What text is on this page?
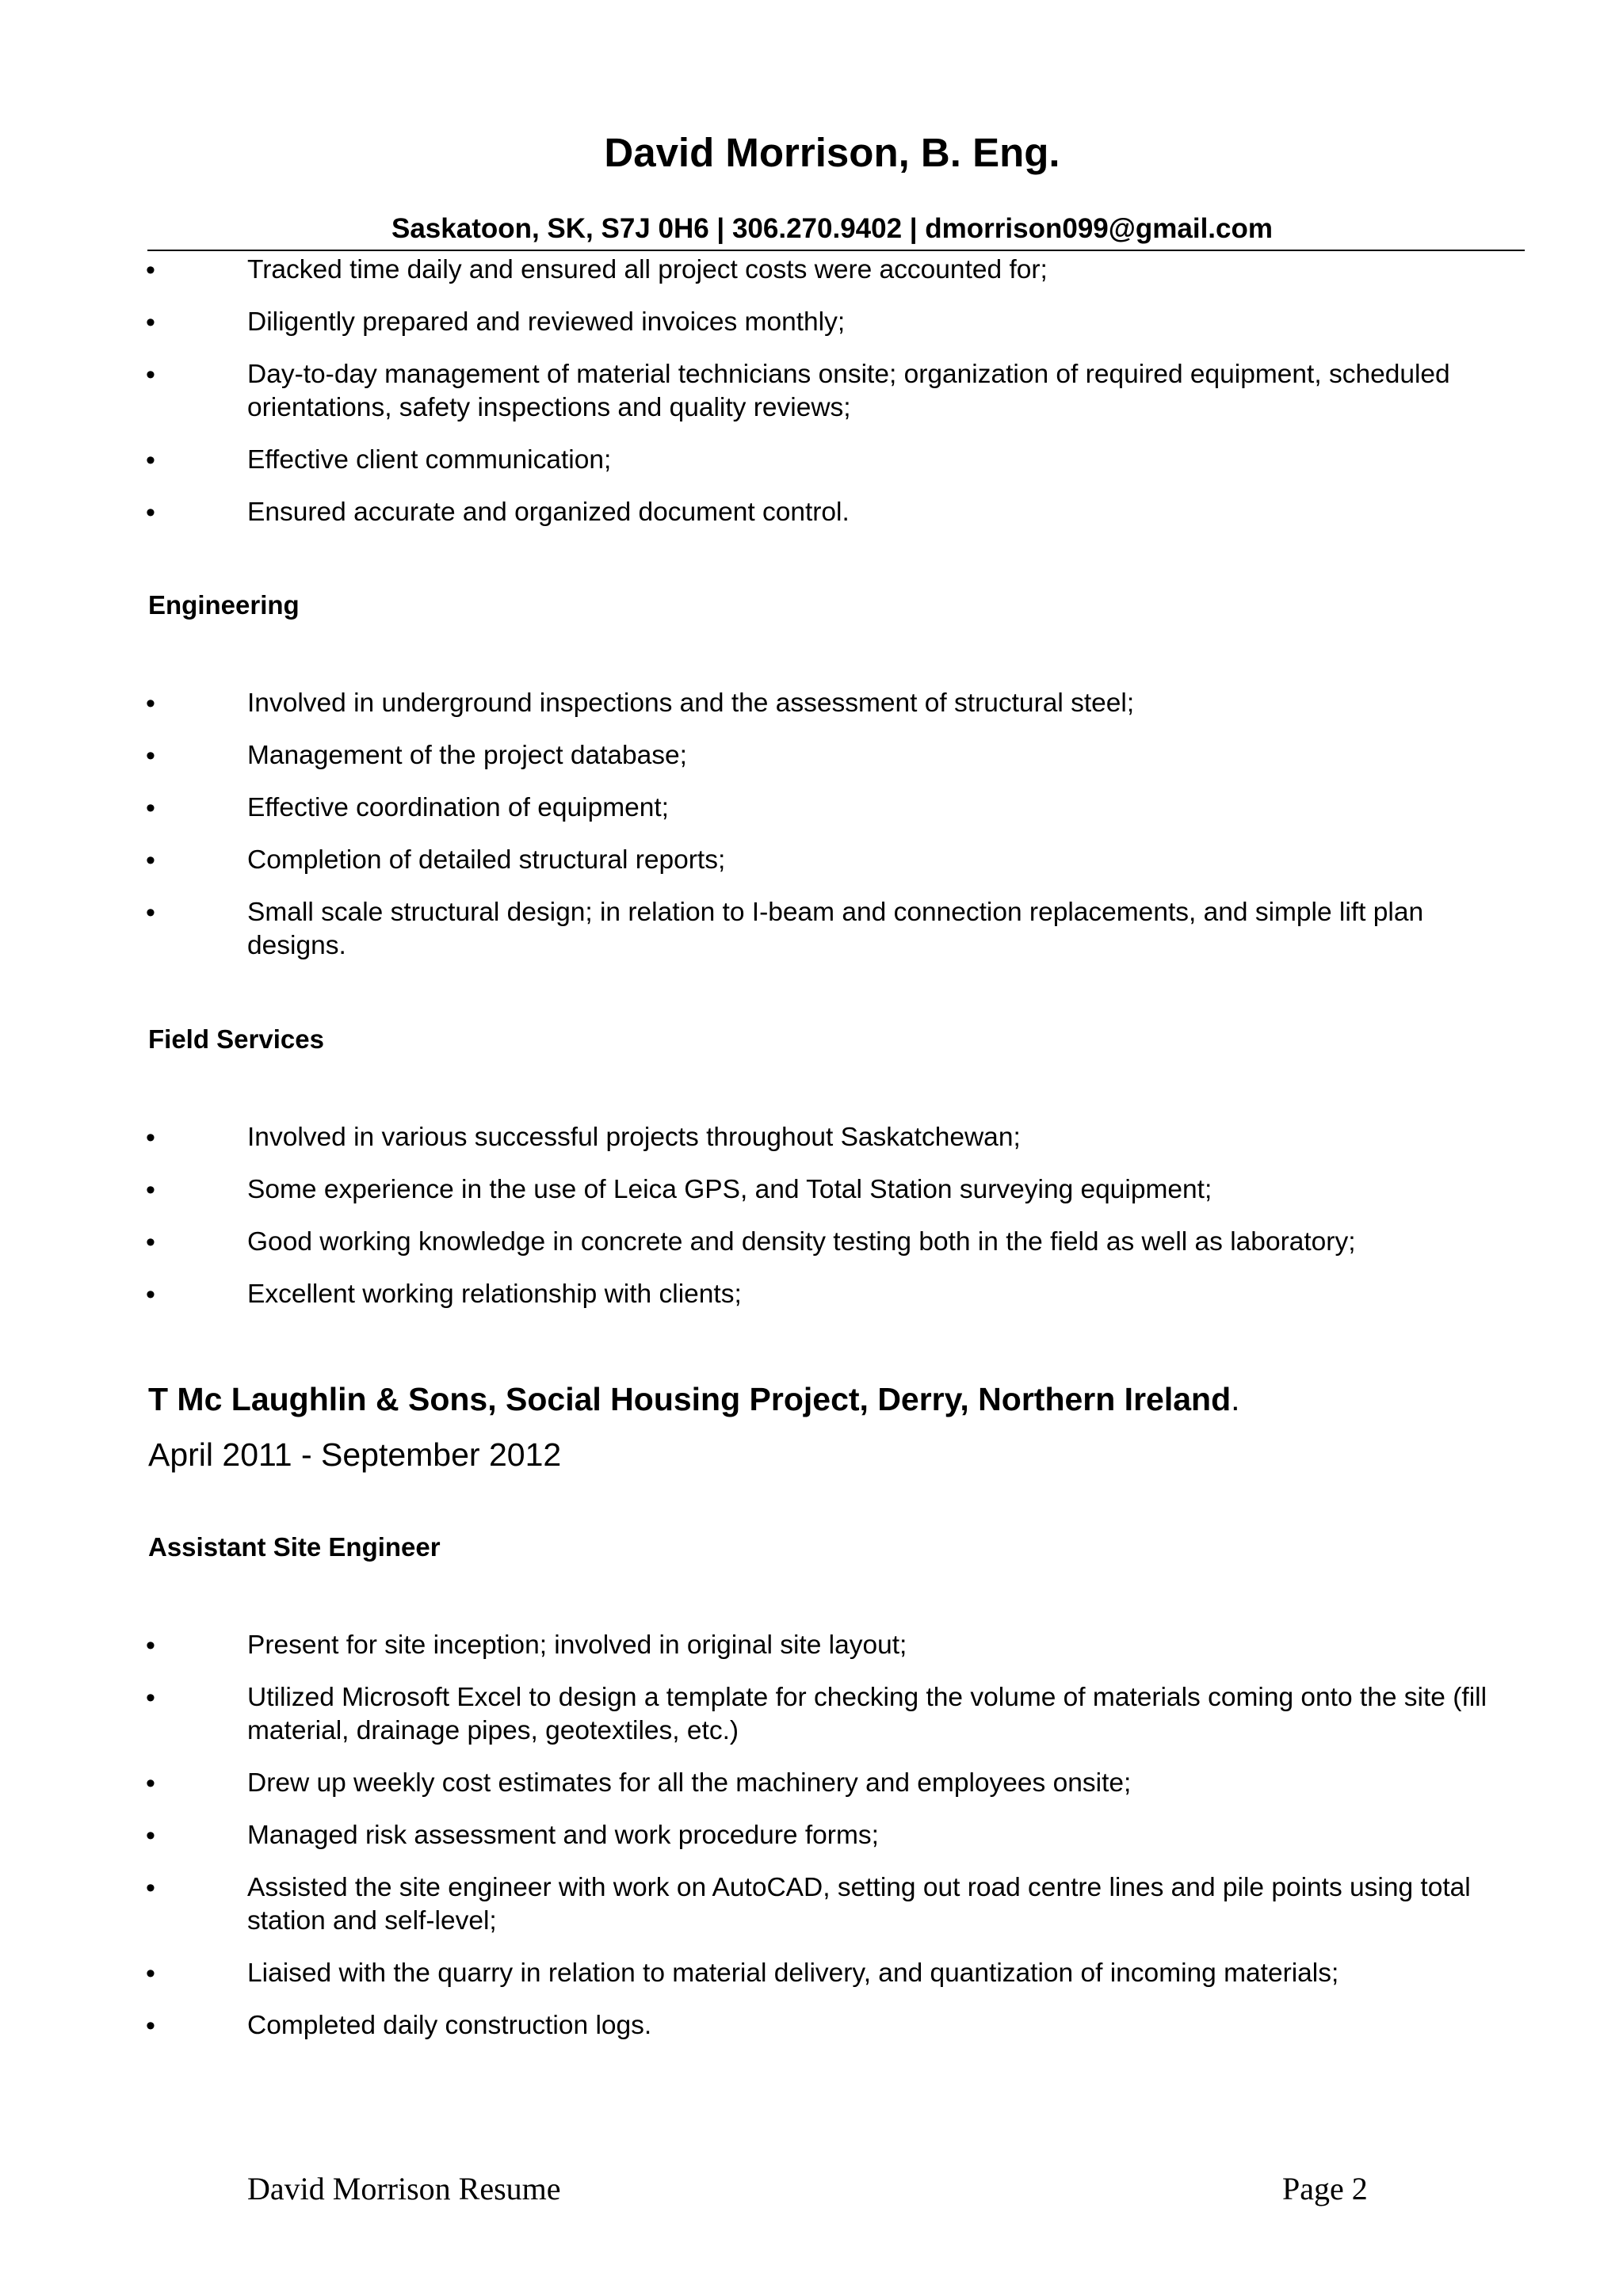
David Morrison, B. Eng.
Saskatoon, SK, S7J 0H6 | 306.270.9402 | dmorrison099@gmail.com
•	Tracked time daily and ensured all project costs were accounted for;
•	Diligently prepared and reviewed invoices monthly;
•	Day-to-day management of material technicians onsite; organization of required equipment, scheduled orientations, safety inspections and quality reviews;
•	Effective client communication;
•	Ensured accurate and organized document control.
Engineering
•	Involved in underground inspections and the assessment of structural steel;
•	Management of the project database;
•	Effective coordination of equipment;
•	Completion of detailed structural reports;
•	Small scale structural design; in relation to I-beam and connection replacements, and simple lift plan designs.
Field Services
•	Involved in various successful projects throughout Saskatchewan;
•	Some experience in the use of Leica GPS, and Total Station surveying equipment;
•	Good working knowledge in concrete and density testing both in the field as well as laboratory;
•	Excellent working relationship with clients;
T Mc Laughlin & Sons, Social Housing Project, Derry, Northern Ireland.
April 2011 - September 2012
Assistant Site Engineer
•	Present for site inception; involved in original site layout;
•	Utilized Microsoft Excel to design a template for checking the volume of materials coming onto the site (fill material, drainage pipes, geotextiles, etc.)
•	Drew up weekly cost estimates for all the machinery and employees onsite;
•	Managed risk assessment and work procedure forms;
•	Assisted the site engineer with work on AutoCAD, setting out road centre lines and pile points using total station and self-level;
•	Liaised with the quarry in relation to material delivery, and quantization of incoming materials;
•	Completed daily construction logs.
David Morrison Resume	Page 2
